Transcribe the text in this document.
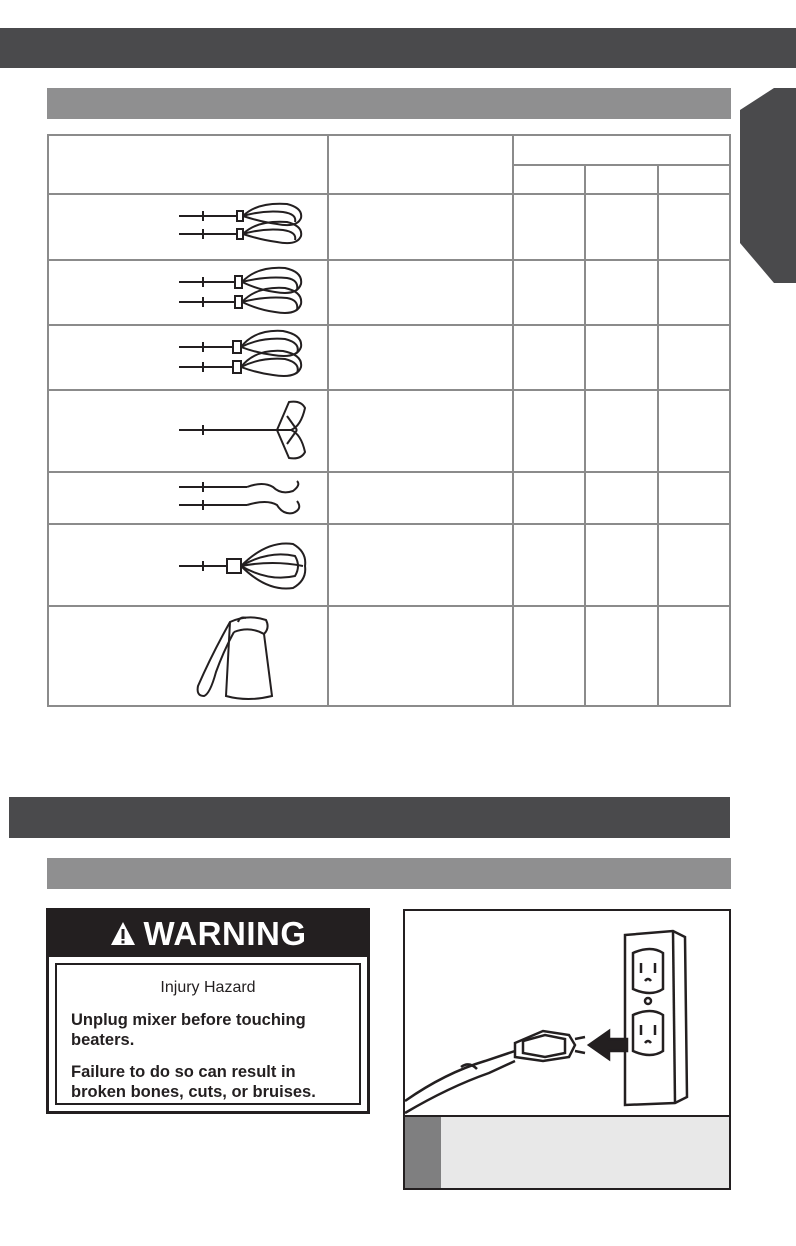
WARNING
Injury Hazard
Unplug mixer before touching
beaters.
Failure to do so can result in
broken bones, cuts, or bruises.
